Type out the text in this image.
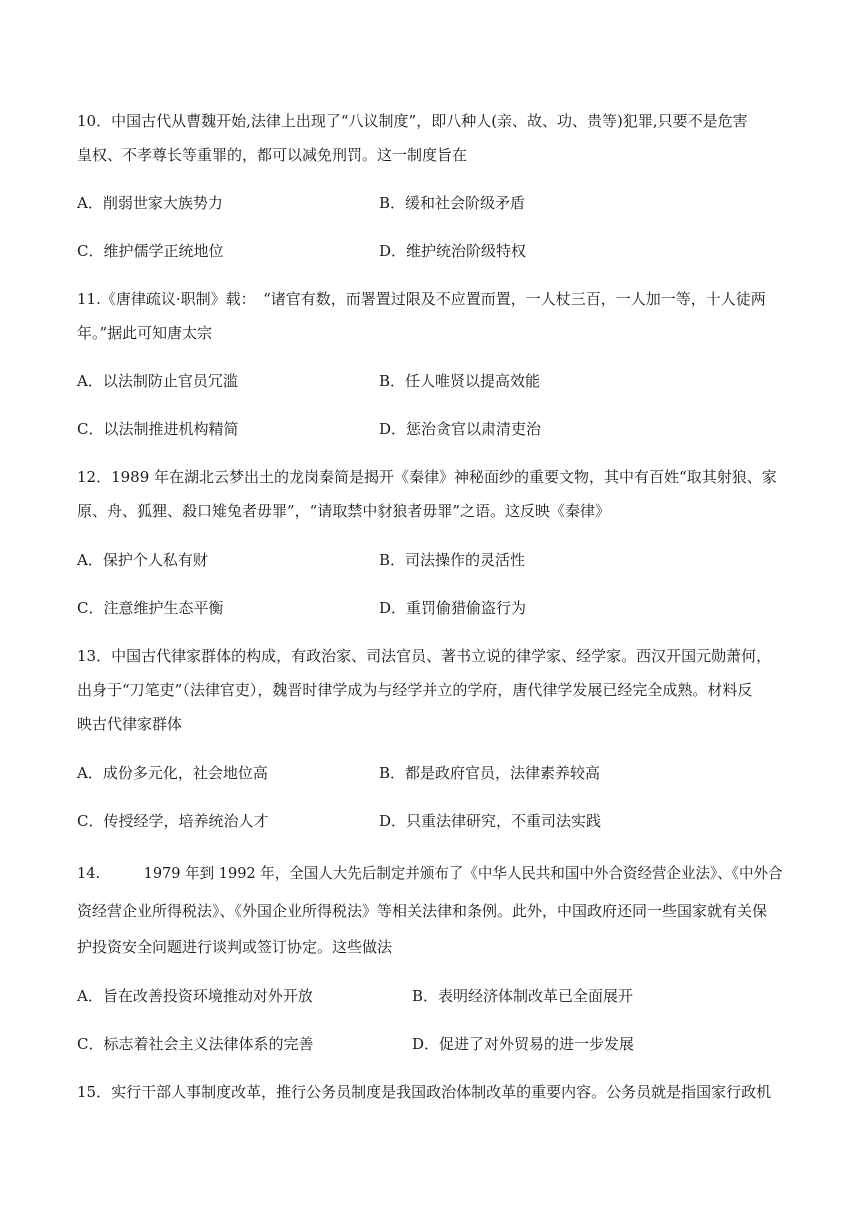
10．中国古代从曹魏开始,法律上出现了“八议制度”，即八种人(亲、故、功、贵等)犯罪,只要不是危害
皇权、不孝尊长等重罪的，都可以减免刑罚。这一制度旨在
A．削弱世家大族势力	B．缓和社会阶级矛盾
C．维护儒学正统地位	D．维护统治阶级特权
11.《唐律疏议·职制》载：　“诸官有数，而署置过限及不应置而置，一人杖三百，一人加一等，十人徒两
年。”据此可知唐太宗
A．以法制防止官员冗滥	B．任人唯贤以提高效能
C．以法制推进机构精简	D．惩治贪官以肃清吏治
12．1989 年在湖北云梦出土的龙岗秦简是揭开《秦律》神秘面纱的重要文物，其中有百姓“取其射狼、家
原、舟、狐狸、殺口雉兔者毋罪”，“请取禁中豺狼者毋罪”之语。这反映《秦律》
A．保护个人私有财	B．司法操作的灵活性
C．注意维护生态平衡	D．重罚偷猎偷盗行为
13．中国古代律家群体的构成，有政治家、司法官员、著书立说的律学家、经学家。西汉开国元勋萧何，
出身于“刀笔吏”（法律官吏），魏晋时律学成为与经学并立的学府，唐代律学发展已经完全成熟。材料反
映古代律家群体
A．成份多元化，社会地位高	B．都是政府官员，法律素养较高
C．传授经学，培养统治人才	D．只重法律研究，不重司法实践
14.　　　1979 年到 1992 年，全国人大先后制定并颁布了《中华人民共和国中外合资经营企业法》、《中外合
资经营企业所得税法》、《外国企业所得税法》等相关法律和条例。此外，中国政府还同一些国家就有关保
护投资安全问题进行谈判或签订协定。这些做法
A．旨在改善投资环境推动对外开放	B．表明经济体制改革已全面展开
C．标志着社会主义法律体系的完善	D．促进了对外贸易的进一步发展
15．实行干部人事制度改革，推行公务员制度是我国政治体制改革的重要内容。公务员就是指国家行政机
